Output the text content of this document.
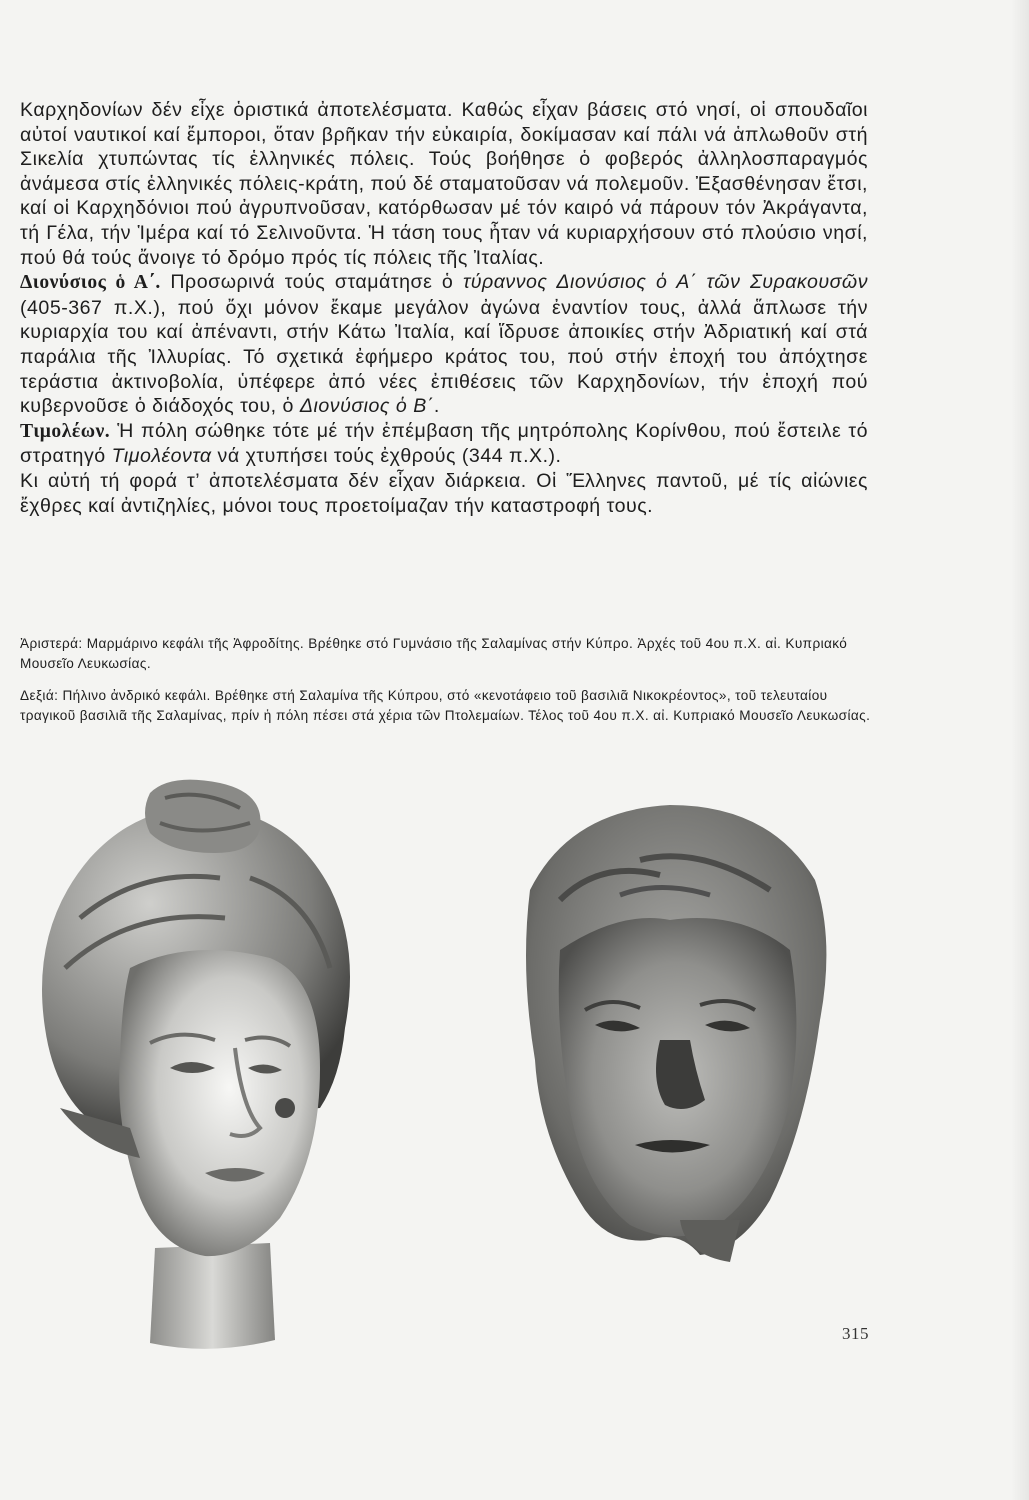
Καρχηδονίων δέν εἶχε ὁριστικά ἀποτελέσματα. Καθώς εἶχαν βάσεις στό νησί, οἱ σπουδαῖοι αὐτοί ναυτικοί καί ἔμποροι, ὅταν βρῆκαν τήν εὐκαιρία, δοκίμασαν καί πάλι νά ἁπλωθοῦν στή Σικελία χτυπώντας τίς ἑλληνικές πόλεις. Τούς βοήθησε ὁ φοβερός ἀλληλοσπαραγμός ἀνάμεσα στίς ἑλληνικές πόλεις-κράτη, πού δέ σταματοῦσαν νά πολεμοῦν. Ἐξασθένησαν ἔτσι, καί οἱ Καρχηδόνιοι πού ἀγρυπνοῦσαν, κατόρθωσαν μέ τόν καιρό νά πάρουν τόν Ἀκράγαντα, τή Γέλα, τήν Ἱμέρα καί τό Σελινοῦντα. Ἡ τάση τους ἦταν νά κυριαρχήσουν στό πλούσιο νησί, πού θά τούς ἄνοιγε τό δρόμο πρός τίς πόλεις τῆς Ἰταλίας.

Διονύσιος ὁ Α΄. Προσωρινά τούς σταμάτησε ὁ τύραννος Διονύσιος ὁ Α΄ τῶν Συρακουσῶν (405-367 π.Χ.), πού ὄχι μόνον ἔκαμε μεγάλον ἀγώνα ἐναντίον τους, ἀλλά ἅπλωσε τήν κυριαρχία του καί ἀπέναντι, στήν Κάτω Ἰταλία, καί ἵδρυσε ἀποικίες στήν Ἀδριατική καί στά παράλια τῆς Ἰλλυρίας. Τό σχετικά ἐφήμερο κράτος του, πού στήν ἐποχή του ἀπόχτησε τεράστια ἀκτινοβολία, ὑπέφερε ἀπό νέες ἐπιθέσεις τῶν Καρχηδονίων, τήν ἐποχή πού κυβερνοῦσε ὁ διάδοχός του, ὁ Διονύσιος ὁ Β΄.

Τιμολέων. Ἡ πόλη σώθηκε τότε μέ τήν ἐπέμβαση τῆς μητρόπολης Κορίνθου, πού ἔστειλε τό στρατηγό Τιμολέοντα νά χτυπήσει τούς ἐχθρούς (344 π.Χ.).

Κι αὐτή τή φορά τ’ ἀποτελέσματα δέν εἶχαν διάρκεια. Οἱ Ἕλληνες παντοῦ, μέ τίς αἰώνιες ἔχθρες καί ἀντιζηλίες, μόνοι τους προετοίμαζαν τήν καταστροφή τους.

Ἀριστερά: Μαρμάρινο κεφάλι τῆς Ἀφροδίτης. Βρέθηκε στό Γυμνάσιο τῆς Σαλαμίνας στήν Κύπρο. Ἀρχές τοῦ 4ου π.Χ. αἰ. Κυπριακό Μουσεῖο Λευκωσίας.

Δεξιά: Πήλινο ἀνδρικό κεφάλι. Βρέθηκε στή Σαλαμίνα τῆς Κύπρου, στό «κενοτάφειο τοῦ βασιλιᾶ Νικοκρέοντος», τοῦ τελευταίου τραγικοῦ βασιλιᾶ τῆς Σαλαμίνας, πρίν ἡ πόλη πέσει στά χέρια τῶν Πτολεμαίων. Τέλος τοῦ 4ου π.Χ. αἰ. Κυπριακό Μουσεῖο Λευκωσίας.

315
